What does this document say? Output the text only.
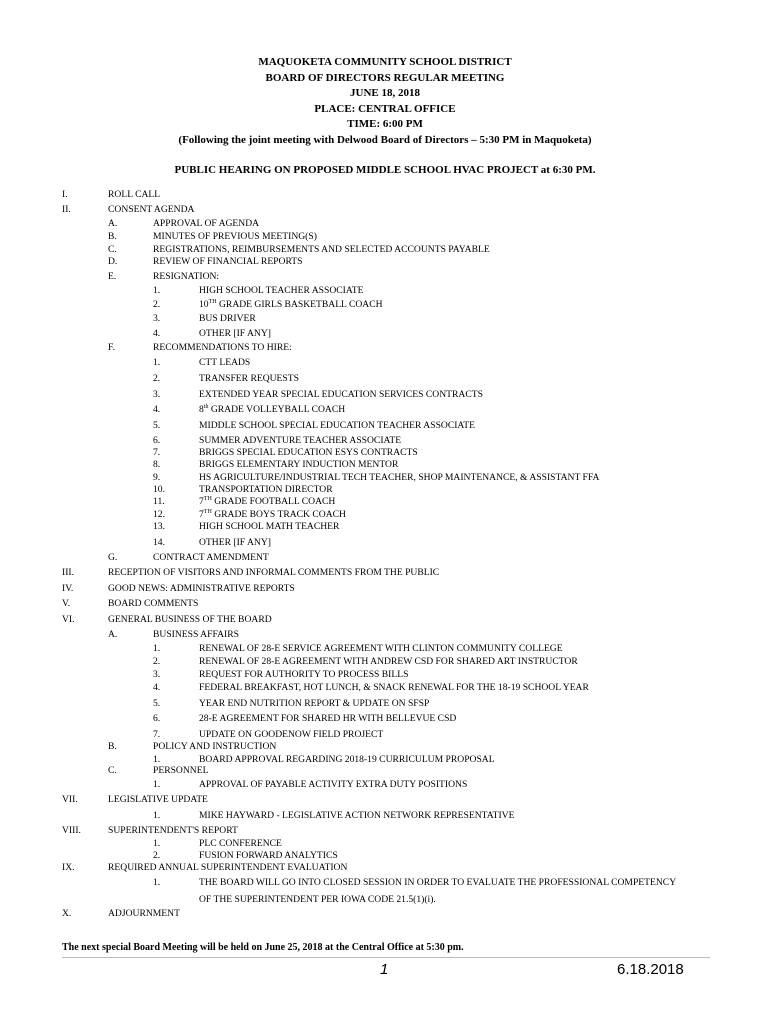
MAQUOKETA COMMUNITY SCHOOL DISTRICT
BOARD OF DIRECTORS REGULAR MEETING
JUNE 18, 2018
PLACE: CENTRAL OFFICE
TIME: 6:00 PM
(Following the joint meeting with Delwood Board of Directors – 5:30 PM in Maquoketa)
PUBLIC HEARING ON PROPOSED MIDDLE SCHOOL HVAC PROJECT at 6:30 PM.
I.	ROLL CALL
II.	CONSENT AGENDA
A.	APPROVAL OF AGENDA
B.	MINUTES OF PREVIOUS MEETING(S)
C.	REGISTRATIONS, REIMBURSEMENTS AND SELECTED ACCOUNTS PAYABLE
D.	REVIEW OF FINANCIAL REPORTS
E.	RESIGNATION:
1.	HIGH SCHOOL TEACHER ASSOCIATE
2.	10TH GRADE GIRLS BASKETBALL COACH
3.	BUS DRIVER
4.	OTHER [IF ANY]
F.	RECOMMENDATIONS TO HIRE:
1.	CTT LEADS
2.	TRANSFER REQUESTS
3.	EXTENDED YEAR SPECIAL EDUCATION SERVICES CONTRACTS
4.	8th GRADE VOLLEYBALL COACH
5.	MIDDLE SCHOOL SPECIAL EDUCATION TEACHER ASSOCIATE
6.	SUMMER ADVENTURE TEACHER ASSOCIATE
7.	BRIGGS SPECIAL EDUCATION ESYS CONTRACTS
8.	BRIGGS ELEMENTARY INDUCTION MENTOR
9.	HS AGRICULTURE/INDUSTRIAL TECH TEACHER, SHOP MAINTENANCE, & ASSISTANT FFA
10.	TRANSPORTATION DIRECTOR
11.	7TH GRADE FOOTBALL COACH
12.	7TH GRADE BOYS TRACK COACH
13.	HIGH SCHOOL MATH TEACHER
14.	OTHER [IF ANY]
G.	CONTRACT AMENDMENT
III.	RECEPTION OF VISITORS AND INFORMAL COMMENTS FROM THE PUBLIC
IV.	GOOD NEWS: ADMINISTRATIVE REPORTS
V.	BOARD COMMENTS
VI.	GENERAL BUSINESS OF THE BOARD
A.	BUSINESS AFFAIRS
1.	RENEWAL OF 28-E SERVICE AGREEMENT WITH CLINTON COMMUNITY COLLEGE
2.	RENEWAL OF 28-E AGREEMENT WITH ANDREW CSD FOR SHARED ART INSTRUCTOR
3.	REQUEST FOR AUTHORITY TO PROCESS BILLS
4.	FEDERAL BREAKFAST, HOT LUNCH, & SNACK RENEWAL FOR THE 18-19 SCHOOL YEAR
5.	YEAR END NUTRITION REPORT & UPDATE ON SFSP
6.	28-E AGREEMENT FOR SHARED HR WITH BELLEVUE CSD
7.	UPDATE ON GOODENOW FIELD PROJECT
B.	POLICY AND INSTRUCTION
1.	BOARD APPROVAL REGARDING 2018-19 CURRICULUM PROPOSAL
C.	PERSONNEL
1.	APPROVAL OF PAYABLE ACTIVITY EXTRA DUTY POSITIONS
VII.	LEGISLATIVE UPDATE
1.	MIKE HAYWARD - LEGISLATIVE ACTION NETWORK REPRESENTATIVE
VIII.	SUPERINTENDENT'S REPORT
1.	PLC CONFERENCE
2.	FUSION FORWARD ANALYTICS
IX.	REQUIRED ANNUAL SUPERINTENDENT EVALUATION
1.	THE BOARD WILL GO INTO CLOSED SESSION IN ORDER TO EVALUATE THE PROFESSIONAL COMPETENCY
OF THE SUPERINTENDENT PER IOWA CODE 21.5(1)(i).
X.	ADJOURNMENT
The next special Board Meeting will be held on June 25, 2018 at the Central Office at 5:30 pm.
1	6.18.2018
